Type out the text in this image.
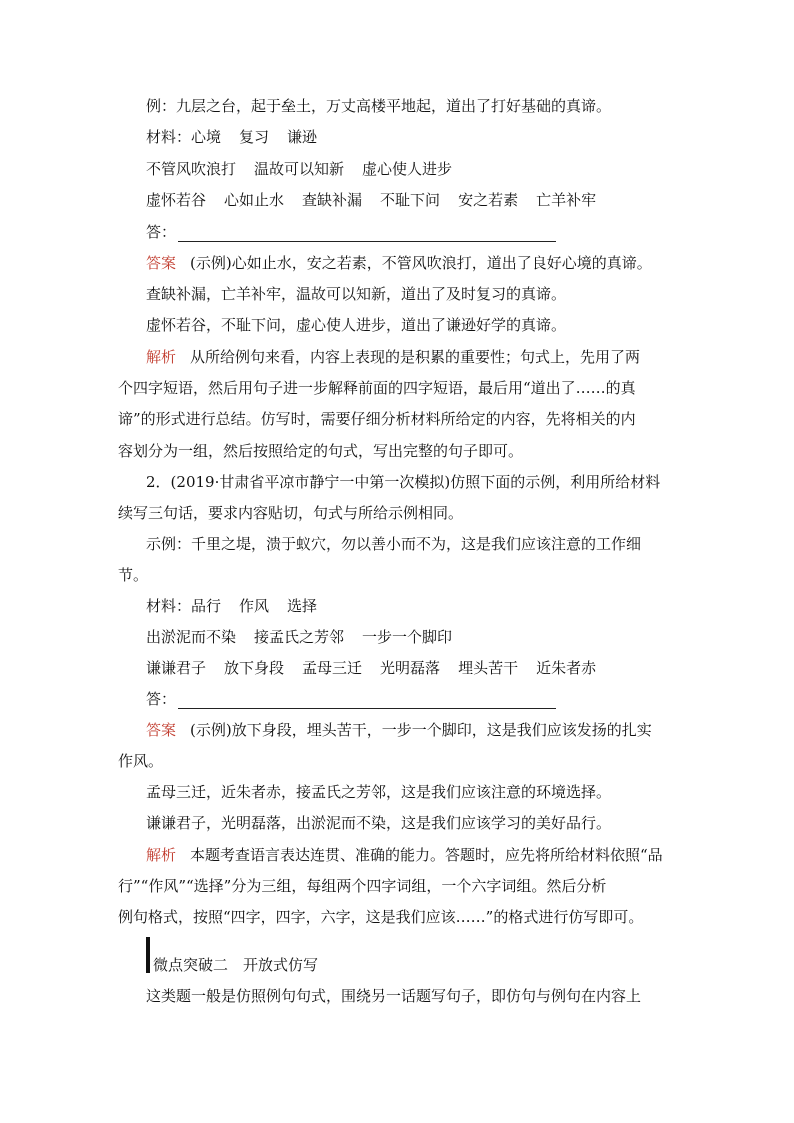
例：九层之台，起于垒土，万丈高楼平地起，道出了打好基础的真谛。
材料：心境 复习 谦逊
不管风吹浪打 温故可以知新 虚心使人进步
虚怀若谷 心如止水 查缺补漏 不耻下问 安之若素 亡羊补牢
答：
答案 (示例)心如止水，安之若素，不管风吹浪打，道出了良好心境的真谛。
查缺补漏，亡羊补牢，温故可以知新，道出了及时复习的真谛。
虚怀若谷，不耻下问，虚心使人进步，道出了谦逊好学的真谛。
解析 从所给例句来看，内容上表现的是积累的重要性；句式上，先用了两
个四字短语，然后用句子进一步解释前面的四字短语，最后用“道出了……的真
谛”的形式进行总结。仿写时，需要仔细分析材料所给定的内容，先将相关的内
容划分为一组，然后按照给定的句式，写出完整的句子即可。
2．(2019·甘肃省平凉市静宁一中第一次模拟)仿照下面的示例，利用所给材料
续写三句话，要求内容贴切，句式与所给示例相同。
示例：千里之堤，溃于蚁穴，勿以善小而不为，这是我们应该注意的工作细
节。
材料：品行 作风 选择
出淤泥而不染 接孟氏之芳邻 一步一个脚印
谦谦君子 放下身段 孟母三迁 光明磊落 埋头苦干 近朱者赤
答：
答案 (示例)放下身段，埋头苦干，一步一个脚印，这是我们应该发扬的扎实
作风。
孟母三迁，近朱者赤，接孟氏之芳邻，这是我们应该注意的环境选择。
谦谦君子，光明磊落，出淤泥而不染，这是我们应该学习的美好品行。
解析 本题考查语言表达连贯、准确的能力。答题时，应先将所给材料依照“品
行”“作风”“选择”分为三组，每组两个四字词组，一个六字词组。然后分析
例句格式，按照“四字，四字，六字，这是我们应该……”的格式进行仿写即可。
微点突破二　开放式仿写
这类题一般是仿照例句句式，围绕另一话题写句子，即仿句与例句在内容上
